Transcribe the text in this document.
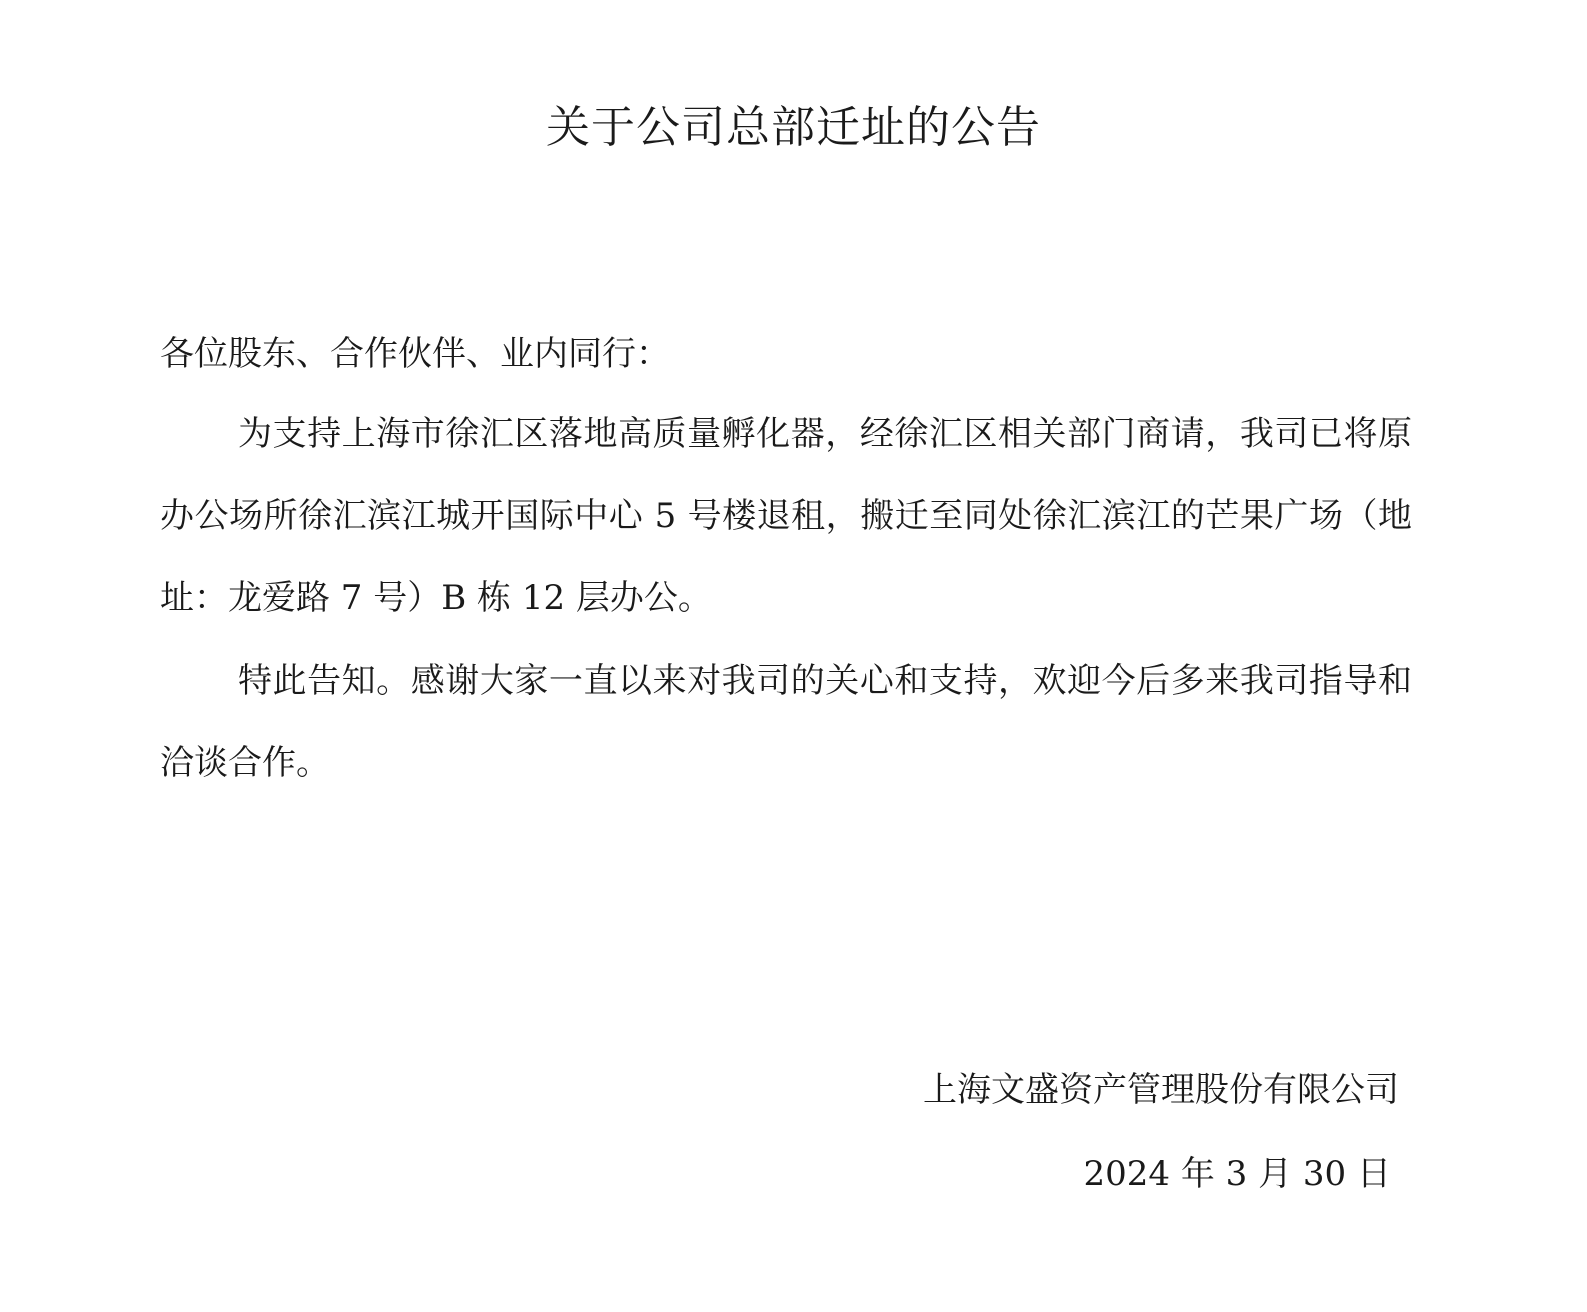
关于公司总部迁址的公告

各位股东、合作伙伴、业内同行：

为支持上海市徐汇区落地高质量孵化器，经徐汇区相关部门商请，我司已将原办公场所徐汇滨江城开国际中心 5 号楼退租，搬迁至同处徐汇滨江的芒果广场（地址：龙爱路 7 号）B 栋 12 层办公。

特此告知。感谢大家一直以来对我司的关心和支持，欢迎今后多来我司指导和洽谈合作。

上海文盛资产管理股份有限公司

2024 年 3 月 30 日
